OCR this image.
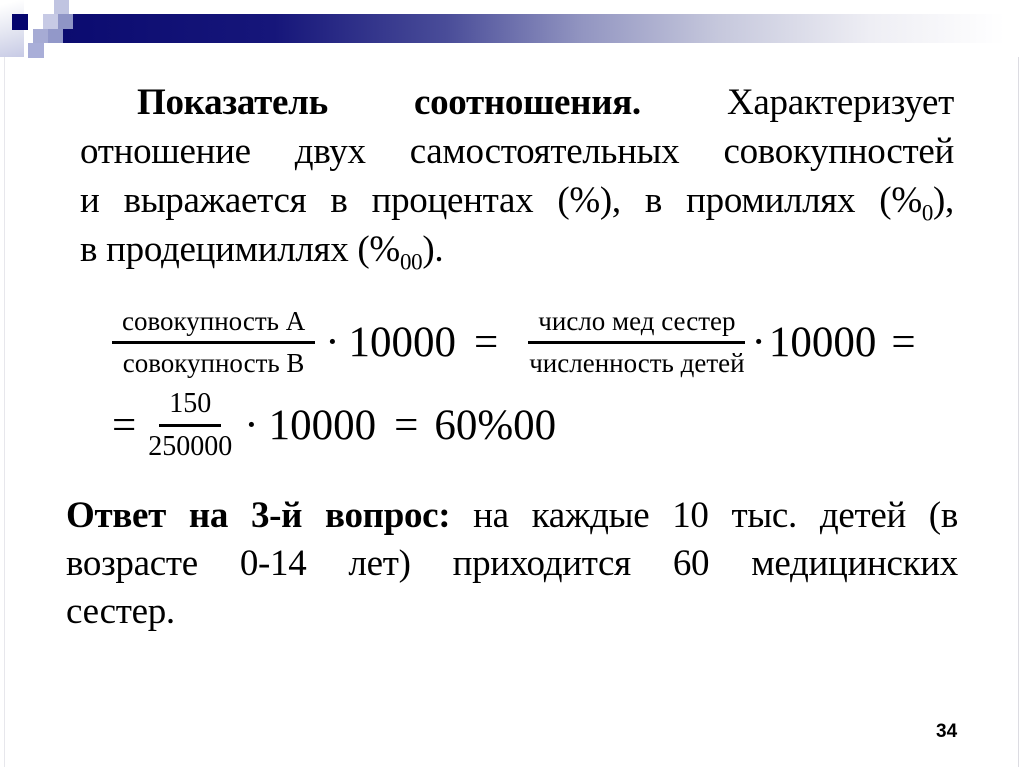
Показатель соотношения. Характеризует
отношение двух самостоятельных совокупностей
и выражается в процентах (%), в промиллях $(\%_0)$,
в продецимиллях $(\%_{00})$.
$\frac{\text{совокупность А}}{\text{совокупность В}} \cdot 10000 = \frac{\text{число мед сестер}}{\text{численность детей}} \cdot 10000$ =
= $\frac{150}{250000} \cdot 10000 = 60\%00$
Ответ на 3-й вопрос: на каждые 10 тыс. детей (в
возрасте 0-14 лет) приходится 60 медицинских
сестер.
34
